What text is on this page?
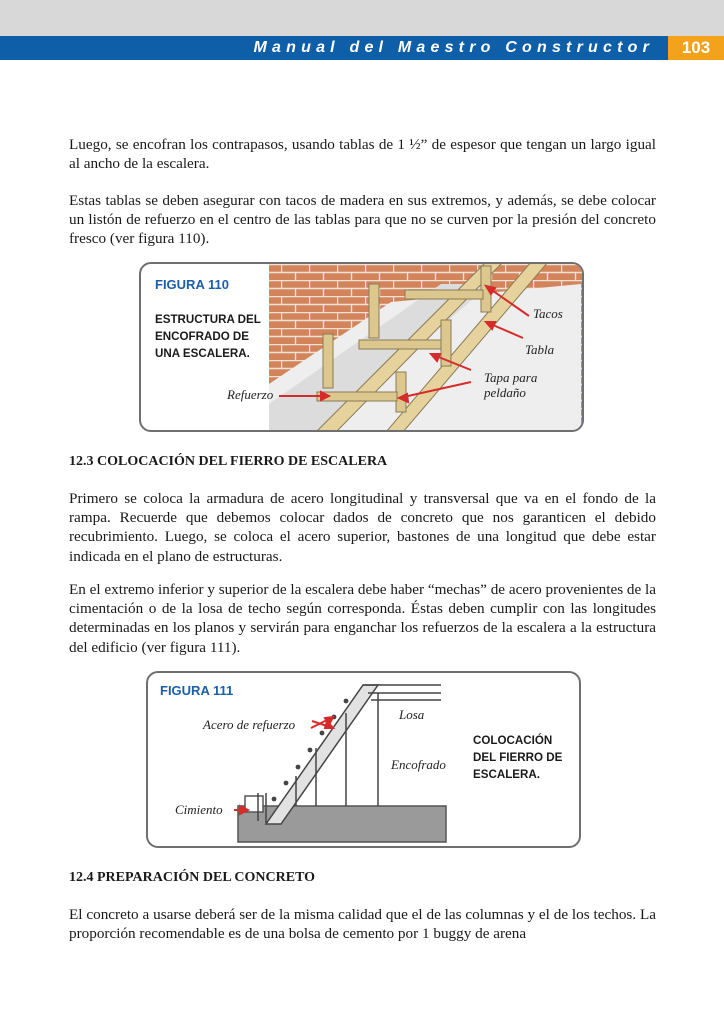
Manual del Maestro Constructor	103

Luego, se encofran los contrapasos, usando tablas de 1 ½” de espesor que tengan un largo igual al ancho de la escalera.

Estas tablas se deben asegurar con tacos de madera en sus extremos, y además, se debe colocar un listón de refuerzo en el centro de las tablas para que no se curven por la presión del concreto fresco (ver figura 110).

FIGURA 110
ESTRUCTURA DEL
ENCOFRADO DE
UNA ESCALERA.
Tacos
Tabla
Tapa para
peldaño
Refuerzo

12.3 COLOCACIÓN DEL FIERRO DE ESCALERA

Primero se coloca la armadura de acero longitudinal y transversal que va en el fondo de la rampa. Recuerde que debemos colocar dados de concreto que nos garanticen el debido recubrimiento. Luego, se coloca el acero superior, bastones de una longitud que debe estar indicada en el plano de estructuras.

En el extremo inferior y superior de la escalera debe haber “mechas” de acero provenientes de la cimentación o de la losa de techo según corresponda. Éstas deben cumplir con las longitudes determinadas en los planos y servirán para enganchar los refuerzos de la escalera a la estructura del edificio (ver figura 111).

FIGURA 111
COLOCACIÓN
DEL FIERRO DE
ESCALERA.
Acero de refuerzo
Losa
Encofrado
Cimiento

12.4 PREPARACIÓN DEL CONCRETO

El concreto a usarse deberá ser de la misma calidad que el de las columnas y el de los techos. La proporción recomendable es de una bolsa de cemento por 1 buggy de arena
